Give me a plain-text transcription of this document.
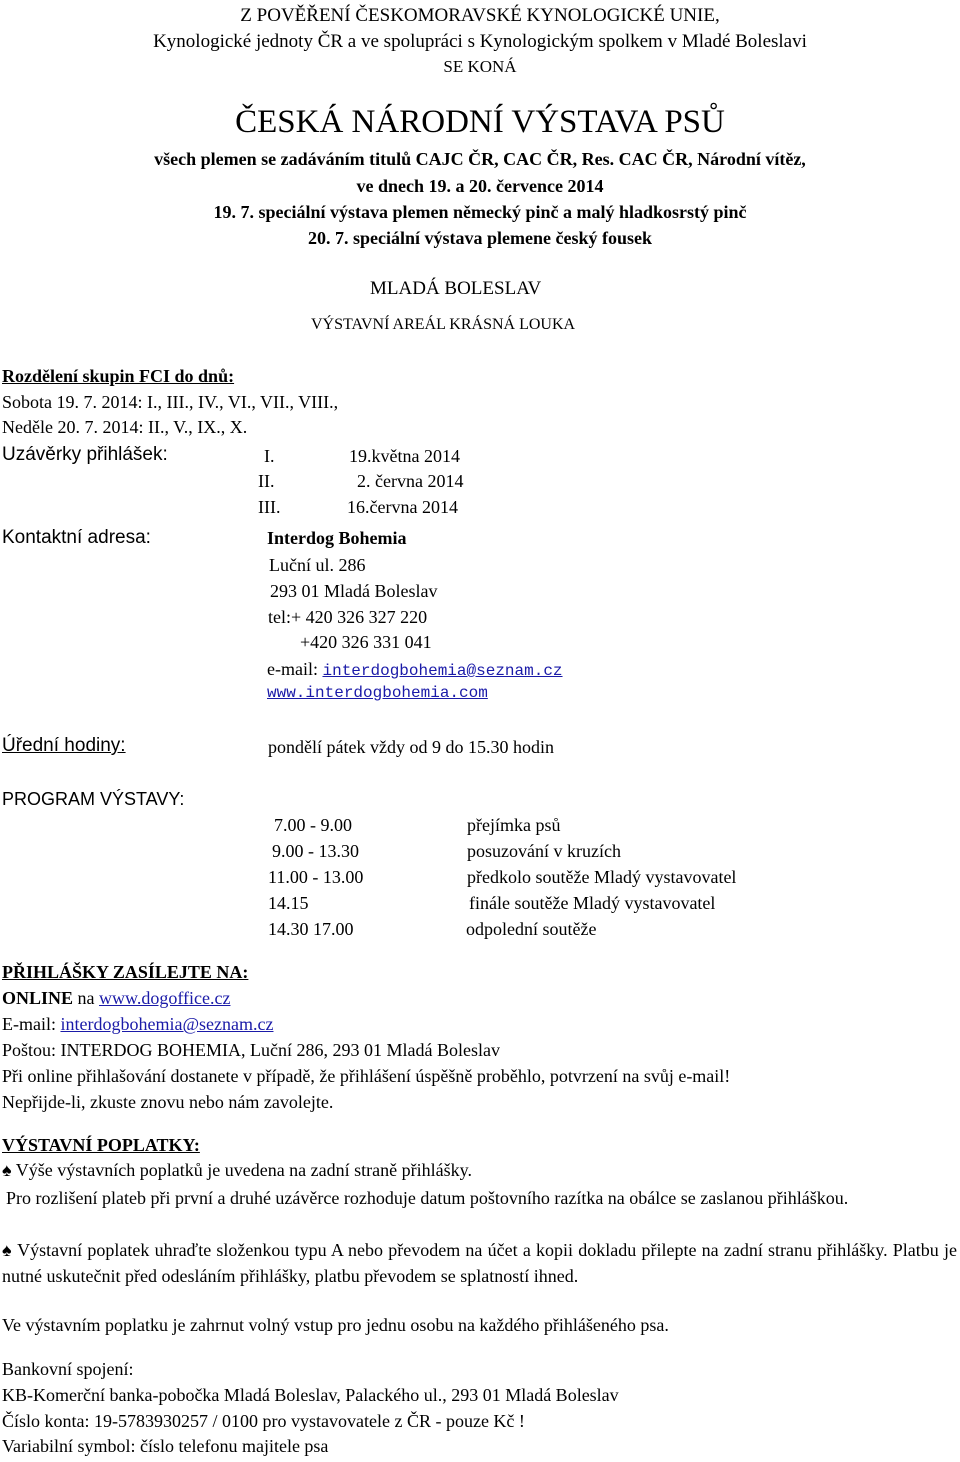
Z POVĚŘENÍ ČESKOMORAVSKÉ KYNOLOGICKÉ UNIE,
Kynologické jednoty ČR a ve spolupráci s Kynologickým spolkem v Mladé Boleslavi
SE KONÁ
ČESKÁ NÁRODNÍ VÝSTAVA PSŮ
všech plemen se zadáváním titulů CAJC ČR, CAC ČR, Res. CAC ČR, Národní vítěz,
ve dnech 19. a 20. července 2014
19. 7. speciální výstava plemen německý pinč a malý hladkosrstý pinč
20. 7. speciální výstava plemene český fousek
MLADÁ BOLESLAV
VÝSTAVNÍ AREÁL KRÁSNÁ LOUKA
Rozdělení skupin FCI do dnů:
Sobota 19. 7. 2014: I., III., IV., VI., VII., VIII.,
Neděle 20. 7. 2014: II., V., IX., X.
Uzávěrky přihlášek:	I.	19.května 2014
II.	2. června 2014
III.	16.června 2014
Kontaktní adresa:	Interdog Bohemia
Luční ul. 286
293 01 Mladá Boleslav
tel:+ 420 326 327 220
+420 326 331 041
e-mail: interdogbohemia@seznam.cz
www.interdogbohemia.com
Úřední hodiny:	pondělí pátek vždy od 9 do 15.30 hodin
PROGRAM VÝSTAVY:
7.00 - 9.00	přejímka psů
9.00 - 13.30	posuzování v kruzích
11.00 - 13.00	předkolo soutěže Mladý vystavovatel
14.15	finále soutěže Mladý vystavovatel
14.30 17.00	odpolední soutěže
PŘIHLÁŠKY ZASÍLEJTE NA:
ONLINE na www.dogoffice.cz
E-mail: interdogbohemia@seznam.cz
Poštou: INTERDOG BOHEMIA, Luční 286, 293 01 Mladá Boleslav
Při online přihlašování dostanete v případě, že přihlášení úspěšně proběhlo, potvrzení na svůj e-mail!
Nepřijde-li, zkuste znovu nebo nám zavolejte.
VÝSTAVNÍ POPLATKY:
♠ Výše výstavních poplatků je uvedena na zadní straně přihlášky.
Pro rozlišení plateb při první a druhé uzávěrce rozhoduje datum poštovního razítka na obálce se zaslanou přihláškou.
♠ Výstavní poplatek uhraďte složenkou typu A nebo převodem na účet a kopii dokladu přilepte na zadní stranu přihlášky. Platbu je nutné uskutečnit před odesláním přihlášky, platbu převodem se splatností ihned.
Ve výstavním poplatku je zahrnut volný vstup pro jednu osobu na každého přihlášeného psa.
Bankovní spojení:
KB-Komerční banka-pobočka Mladá Boleslav, Palackého ul., 293 01 Mladá Boleslav
Číslo konta: 19-5783930257 / 0100 pro vystavovatele z ČR - pouze Kč !
Variabilní symbol: číslo telefonu majitele psa
